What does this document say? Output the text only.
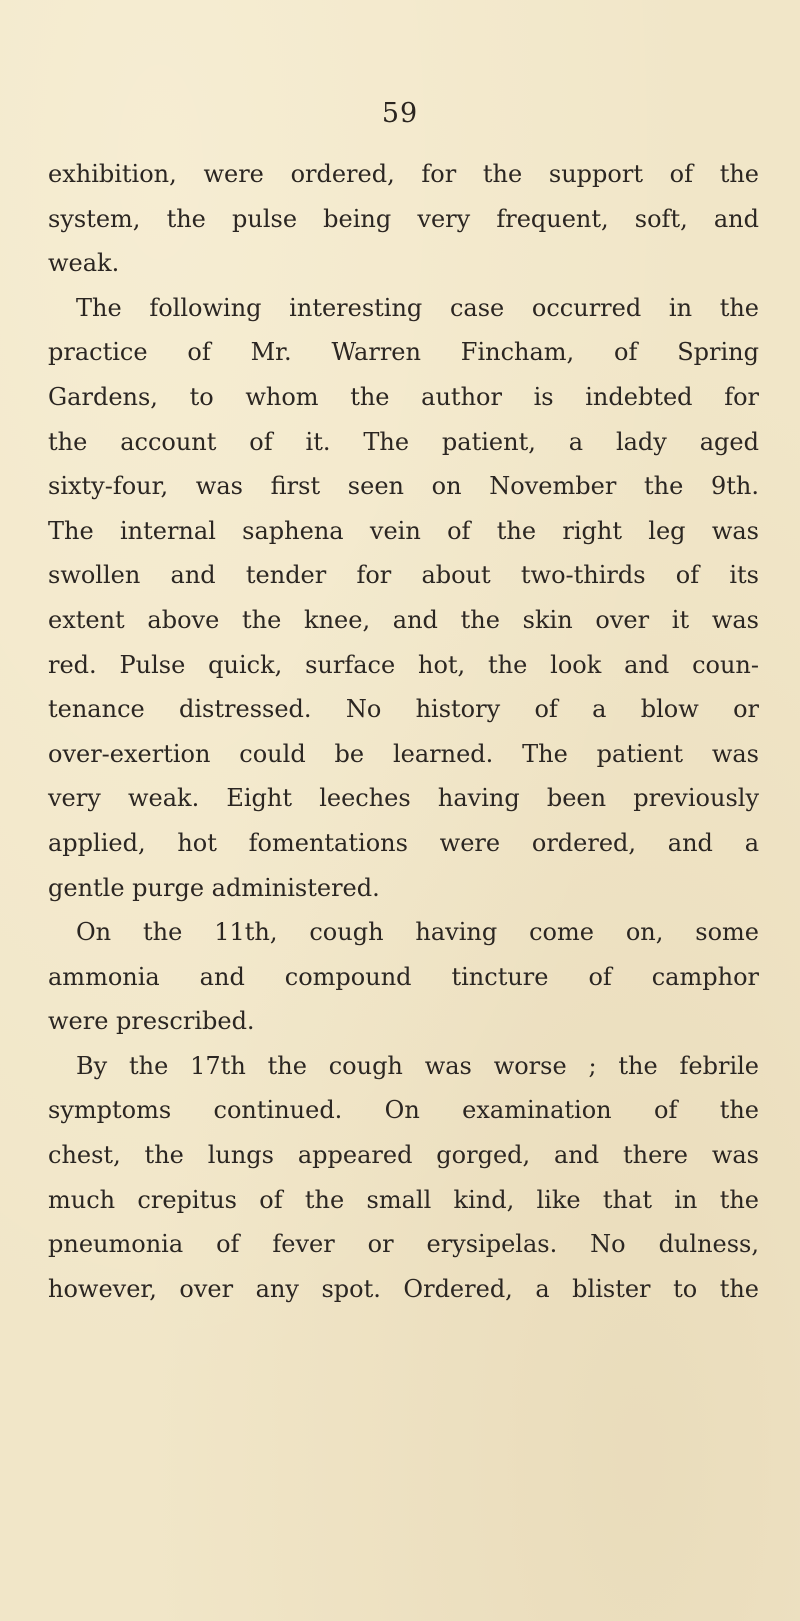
59
exhibition, were ordered, for the support of the
system, the pulse being very frequent, soft, and
weak.
The following interesting case occurred in the
practice of Mr. Warren Fincham, of Spring
Gardens, to whom the author is indebted for
the account of it. The patient, a lady aged
sixty-four, was first seen on November the 9th.
The internal saphena vein of the right leg was
swollen and tender for about two-thirds of its
extent above the knee, and the skin over it was
red. Pulse quick, surface hot, the look and coun-
tenance distressed. No history of a blow or
over-exertion could be learned. The patient was
very weak. Eight leeches having been previously
applied, hot fomentations were ordered, and a
gentle purge administered.
On the 11th, cough having come on, some
ammonia and compound tincture of camphor
were prescribed.
By the 17th the cough was worse ; the febrile
symptoms continued. On examination of the
chest, the lungs appeared gorged, and there was
much crepitus of the small kind, like that in the
pneumonia of fever or erysipelas. No dulness,
however, over any spot. Ordered, a blister to the
